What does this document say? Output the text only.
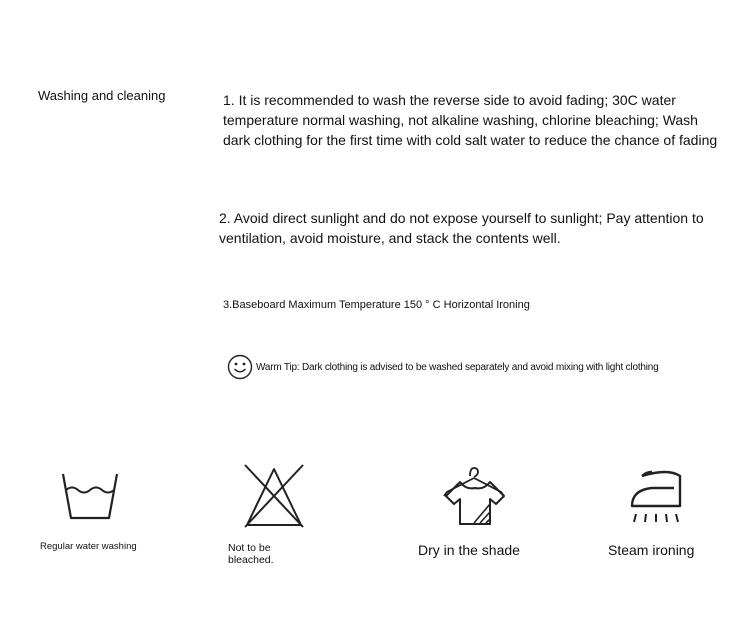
Washing and cleaning	1. It is recommended to wash the reverse side to avoid fading; 30C water temperature normal washing, not alkaline washing, chlorine bleaching; Wash dark clothing for the first time with cold salt water to reduce the chance of fading
2. Avoid direct sunlight and do not expose yourself to sunlight; Pay attention to ventilation, avoid moisture, and stack the contents well.
3.Baseboard Maximum Temperature 150 ° C Horizontal Ironing
Warm Tip: Dark clothing is advised to be washed separately and avoid mixing with light clothing
Regular water washing	Not to be bleached.
Dry in the shade	Steam ironing
